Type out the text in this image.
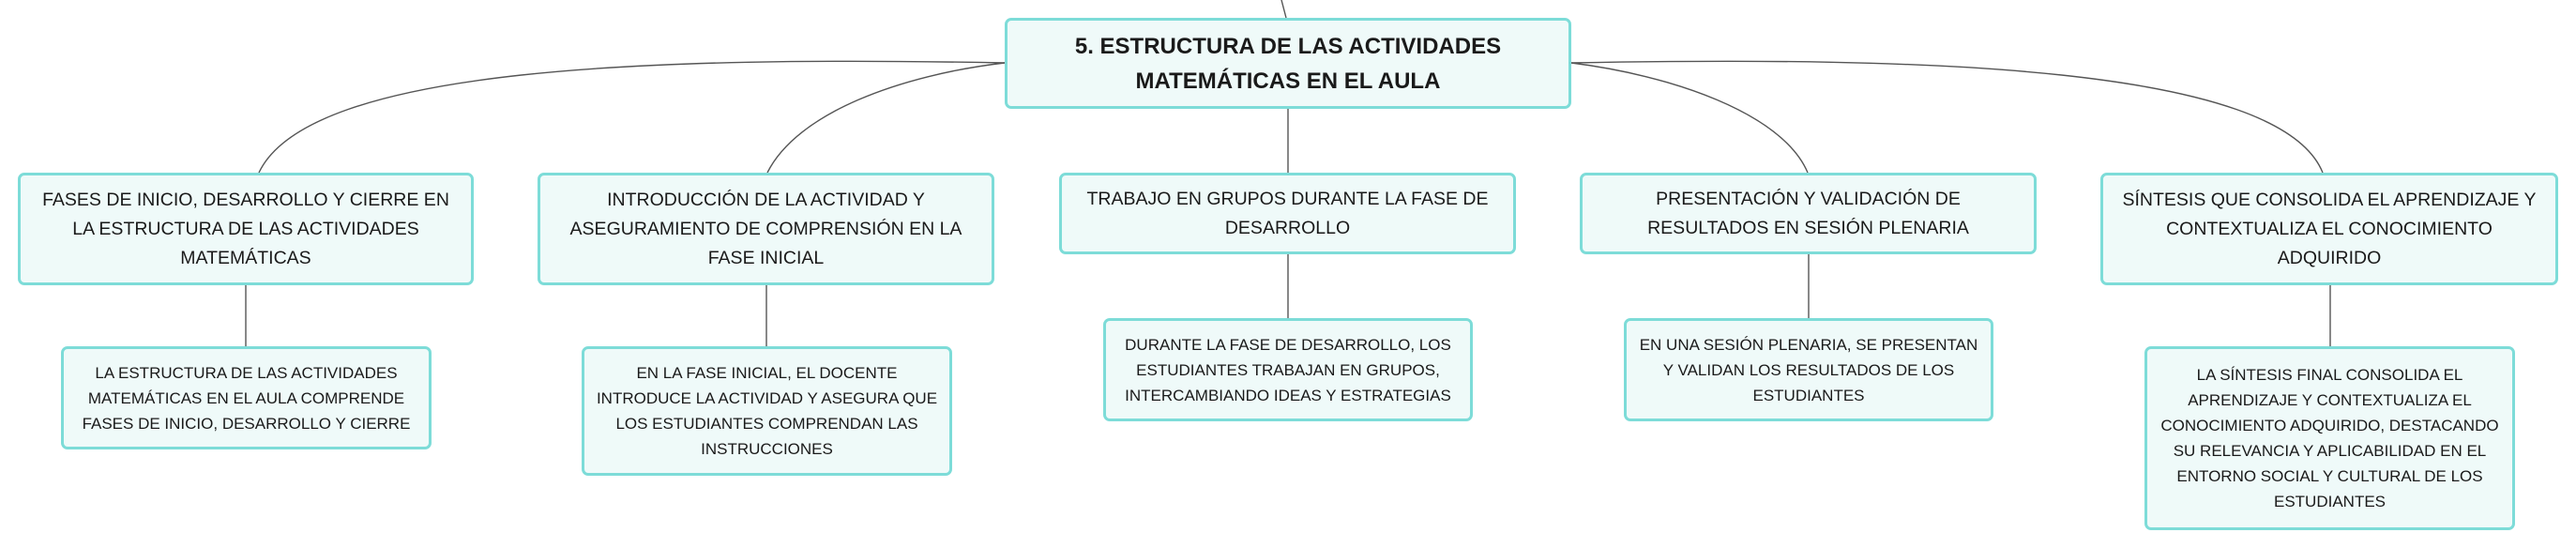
5. ESTRUCTURA DE LAS ACTIVIDADES MATEMÁTICAS EN EL AULA
FASES DE INICIO, DESARROLLO Y CIERRE EN LA ESTRUCTURA DE LAS ACTIVIDADES MATEMÁTICAS
INTRODUCCIÓN DE LA ACTIVIDAD Y ASEGURAMIENTO DE COMPRENSIÓN EN LA FASE INICIAL
TRABAJO EN GRUPOS DURANTE LA FASE DE DESARROLLO
PRESENTACIÓN Y VALIDACIÓN DE RESULTADOS EN SESIÓN PLENARIA
SÍNTESIS QUE CONSOLIDA EL APRENDIZAJE Y CONTEXTUALIZA EL CONOCIMIENTO ADQUIRIDO
LA ESTRUCTURA DE LAS ACTIVIDADES MATEMÁTICAS EN EL AULA COMPRENDE FASES DE INICIO, DESARROLLO Y CIERRE
EN LA FASE INICIAL, EL DOCENTE INTRODUCE LA ACTIVIDAD Y ASEGURA QUE LOS ESTUDIANTES COMPRENDAN LAS INSTRUCCIONES
DURANTE LA FASE DE DESARROLLO, LOS ESTUDIANTES TRABAJAN EN GRUPOS, INTERCAMBIANDO IDEAS Y ESTRATEGIAS
EN UNA SESIÓN PLENARIA, SE PRESENTAN Y VALIDAN LOS RESULTADOS DE LOS ESTUDIANTES
LA SÍNTESIS FINAL CONSOLIDA EL APRENDIZAJE Y CONTEXTUALIZA EL CONOCIMIENTO ADQUIRIDO, DESTACANDO SU RELEVANCIA Y APLICABILIDAD EN EL ENTORNO SOCIAL Y CULTURAL DE LOS ESTUDIANTES
